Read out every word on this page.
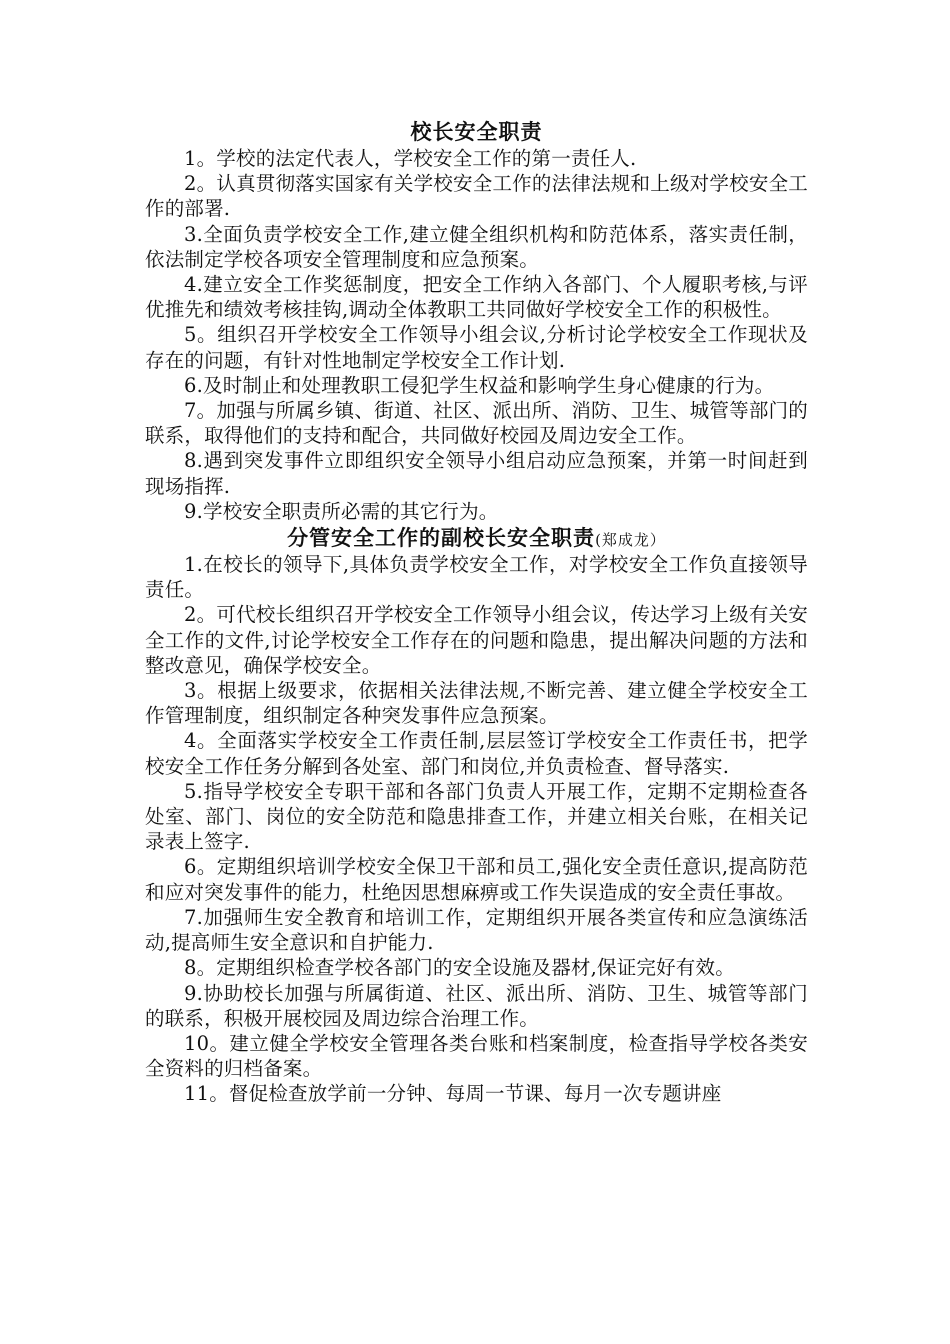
校长安全职责

1。学校的法定代表人，学校安全工作的第一责任人.

2。认真贯彻落实国家有关学校安全工作的法律法规和上级对学校安全工作的部署.

3.全面负责学校安全工作,建立健全组织机构和防范体系，落实责任制，依法制定学校各项安全管理制度和应急预案。

4.建立安全工作奖惩制度，把安全工作纳入各部门、个人履职考核,与评优推先和绩效考核挂钩,调动全体教职工共同做好学校安全工作的积极性。

5。组织召开学校安全工作领导小组会议,分析讨论学校安全工作现状及存在的问题，有针对性地制定学校安全工作计划.

6.及时制止和处理教职工侵犯学生权益和影响学生身心健康的行为。

7。加强与所属乡镇、街道、社区、派出所、消防、卫生、城管等部门的联系，取得他们的支持和配合，共同做好校园及周边安全工作。

8.遇到突发事件立即组织安全领导小组启动应急预案，并第一时间赶到现场指挥.

9.学校安全职责所必需的其它行为。

分管安全工作的副校长安全职责(郑成龙）

1.在校长的领导下,具体负责学校安全工作，对学校安全工作负直接领导责任。

2。可代校长组织召开学校安全工作领导小组会议，传达学习上级有关安全工作的文件,讨论学校安全工作存在的问题和隐患，提出解决问题的方法和整改意见，确保学校安全。

3。根据上级要求，依据相关法律法规,不断完善、建立健全学校安全工作管理制度，组织制定各种突发事件应急预案。

4。全面落实学校安全工作责任制,层层签订学校安全工作责任书，把学校安全工作任务分解到各处室、部门和岗位,并负责检查、督导落实.

5.指导学校安全专职干部和各部门负责人开展工作，定期不定期检查各处室、部门、岗位的安全防范和隐患排查工作，并建立相关台账，在相关记录表上签字.

6。定期组织培训学校安全保卫干部和员工,强化安全责任意识,提高防范和应对突发事件的能力，杜绝因思想麻痹或工作失误造成的安全责任事故。

7.加强师生安全教育和培训工作，定期组织开展各类宣传和应急演练活动,提高师生安全意识和自护能力.

8。定期组织检查学校各部门的安全设施及器材,保证完好有效。

9.协助校长加强与所属街道、社区、派出所、消防、卫生、城管等部门的联系，积极开展校园及周边综合治理工作。

10。建立健全学校安全管理各类台账和档案制度，检查指导学校各类安全资料的归档备案。

11。督促检查放学前一分钟、每周一节课、每月一次专题讲座
